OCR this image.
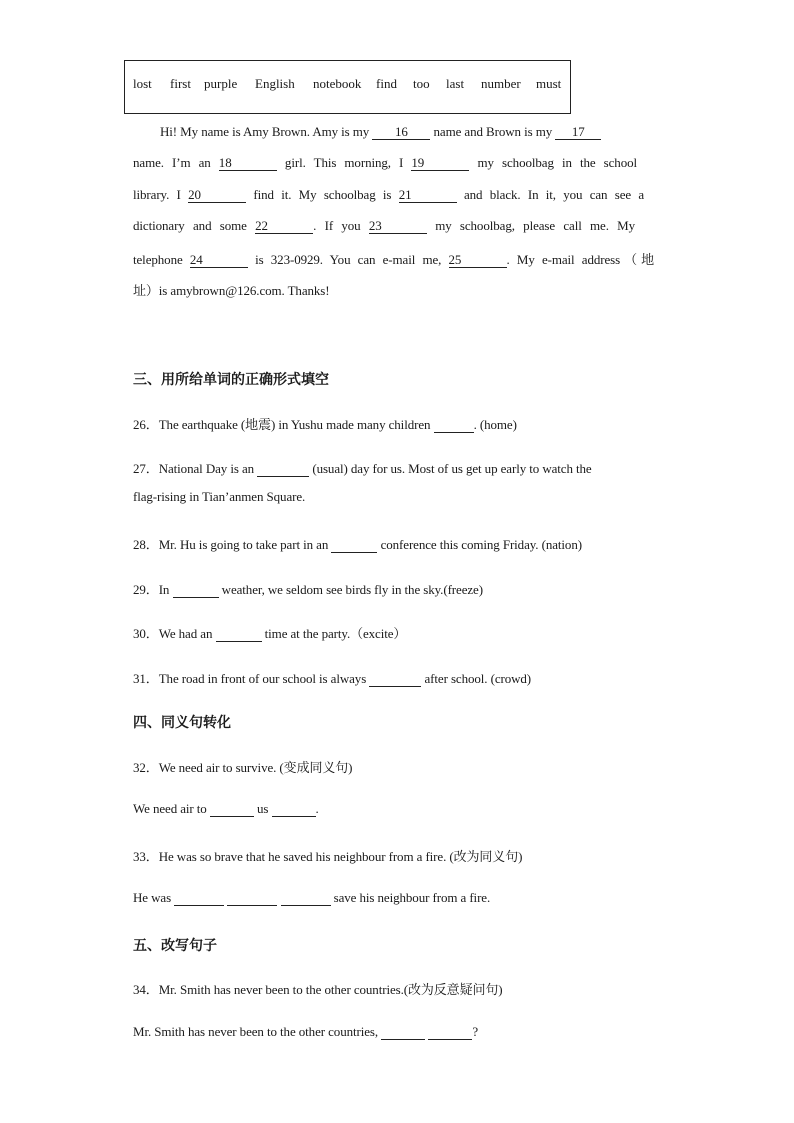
lost first purple English notebook find too last number must
Hi! My name is Amy Brown. Amy is my 16 name and Brown is my 17
name. I’m an 18	girl. This morning, I 19	my schoolbag in the school
library. I 20	find it. My schoolbag is 21	and black. In it, you can see a
dictionary and some 22	. If you 23	my schoolbag, please call me. My
telephone 24	is 323-0929. You can e-mail me, 25	. My e-mail address（地
址）is amybrown@126.com. Thanks!
三、用所给单词的正确形式填空
26．The earthquake (地震) in Yushu made many children	. (home)
27．National Day is an	(usual) day for us. Most of us get up early to watch the
flag-rising in Tian’anmen Square.
28．Mr. Hu is going to take part in an	conference this coming Friday. (nation)
29．In	weather, we seldom see birds fly in the sky.(freeze)
30．We had an	time at the party.（excite）
31．The road in front of our school is always	after school. (crowd)
四、同义句转化
32．We need air to survive. (变成同义句)
We need air to	us	.
33．He was so brave that he saved his neighbour from a fire. (改为同义句)
He was	save his neighbour from a fire.
五、改写句子
34．Mr. Smith has never been to the other countries.(改为反意疑问句)
Mr. Smith has never been to the other countries,	?
